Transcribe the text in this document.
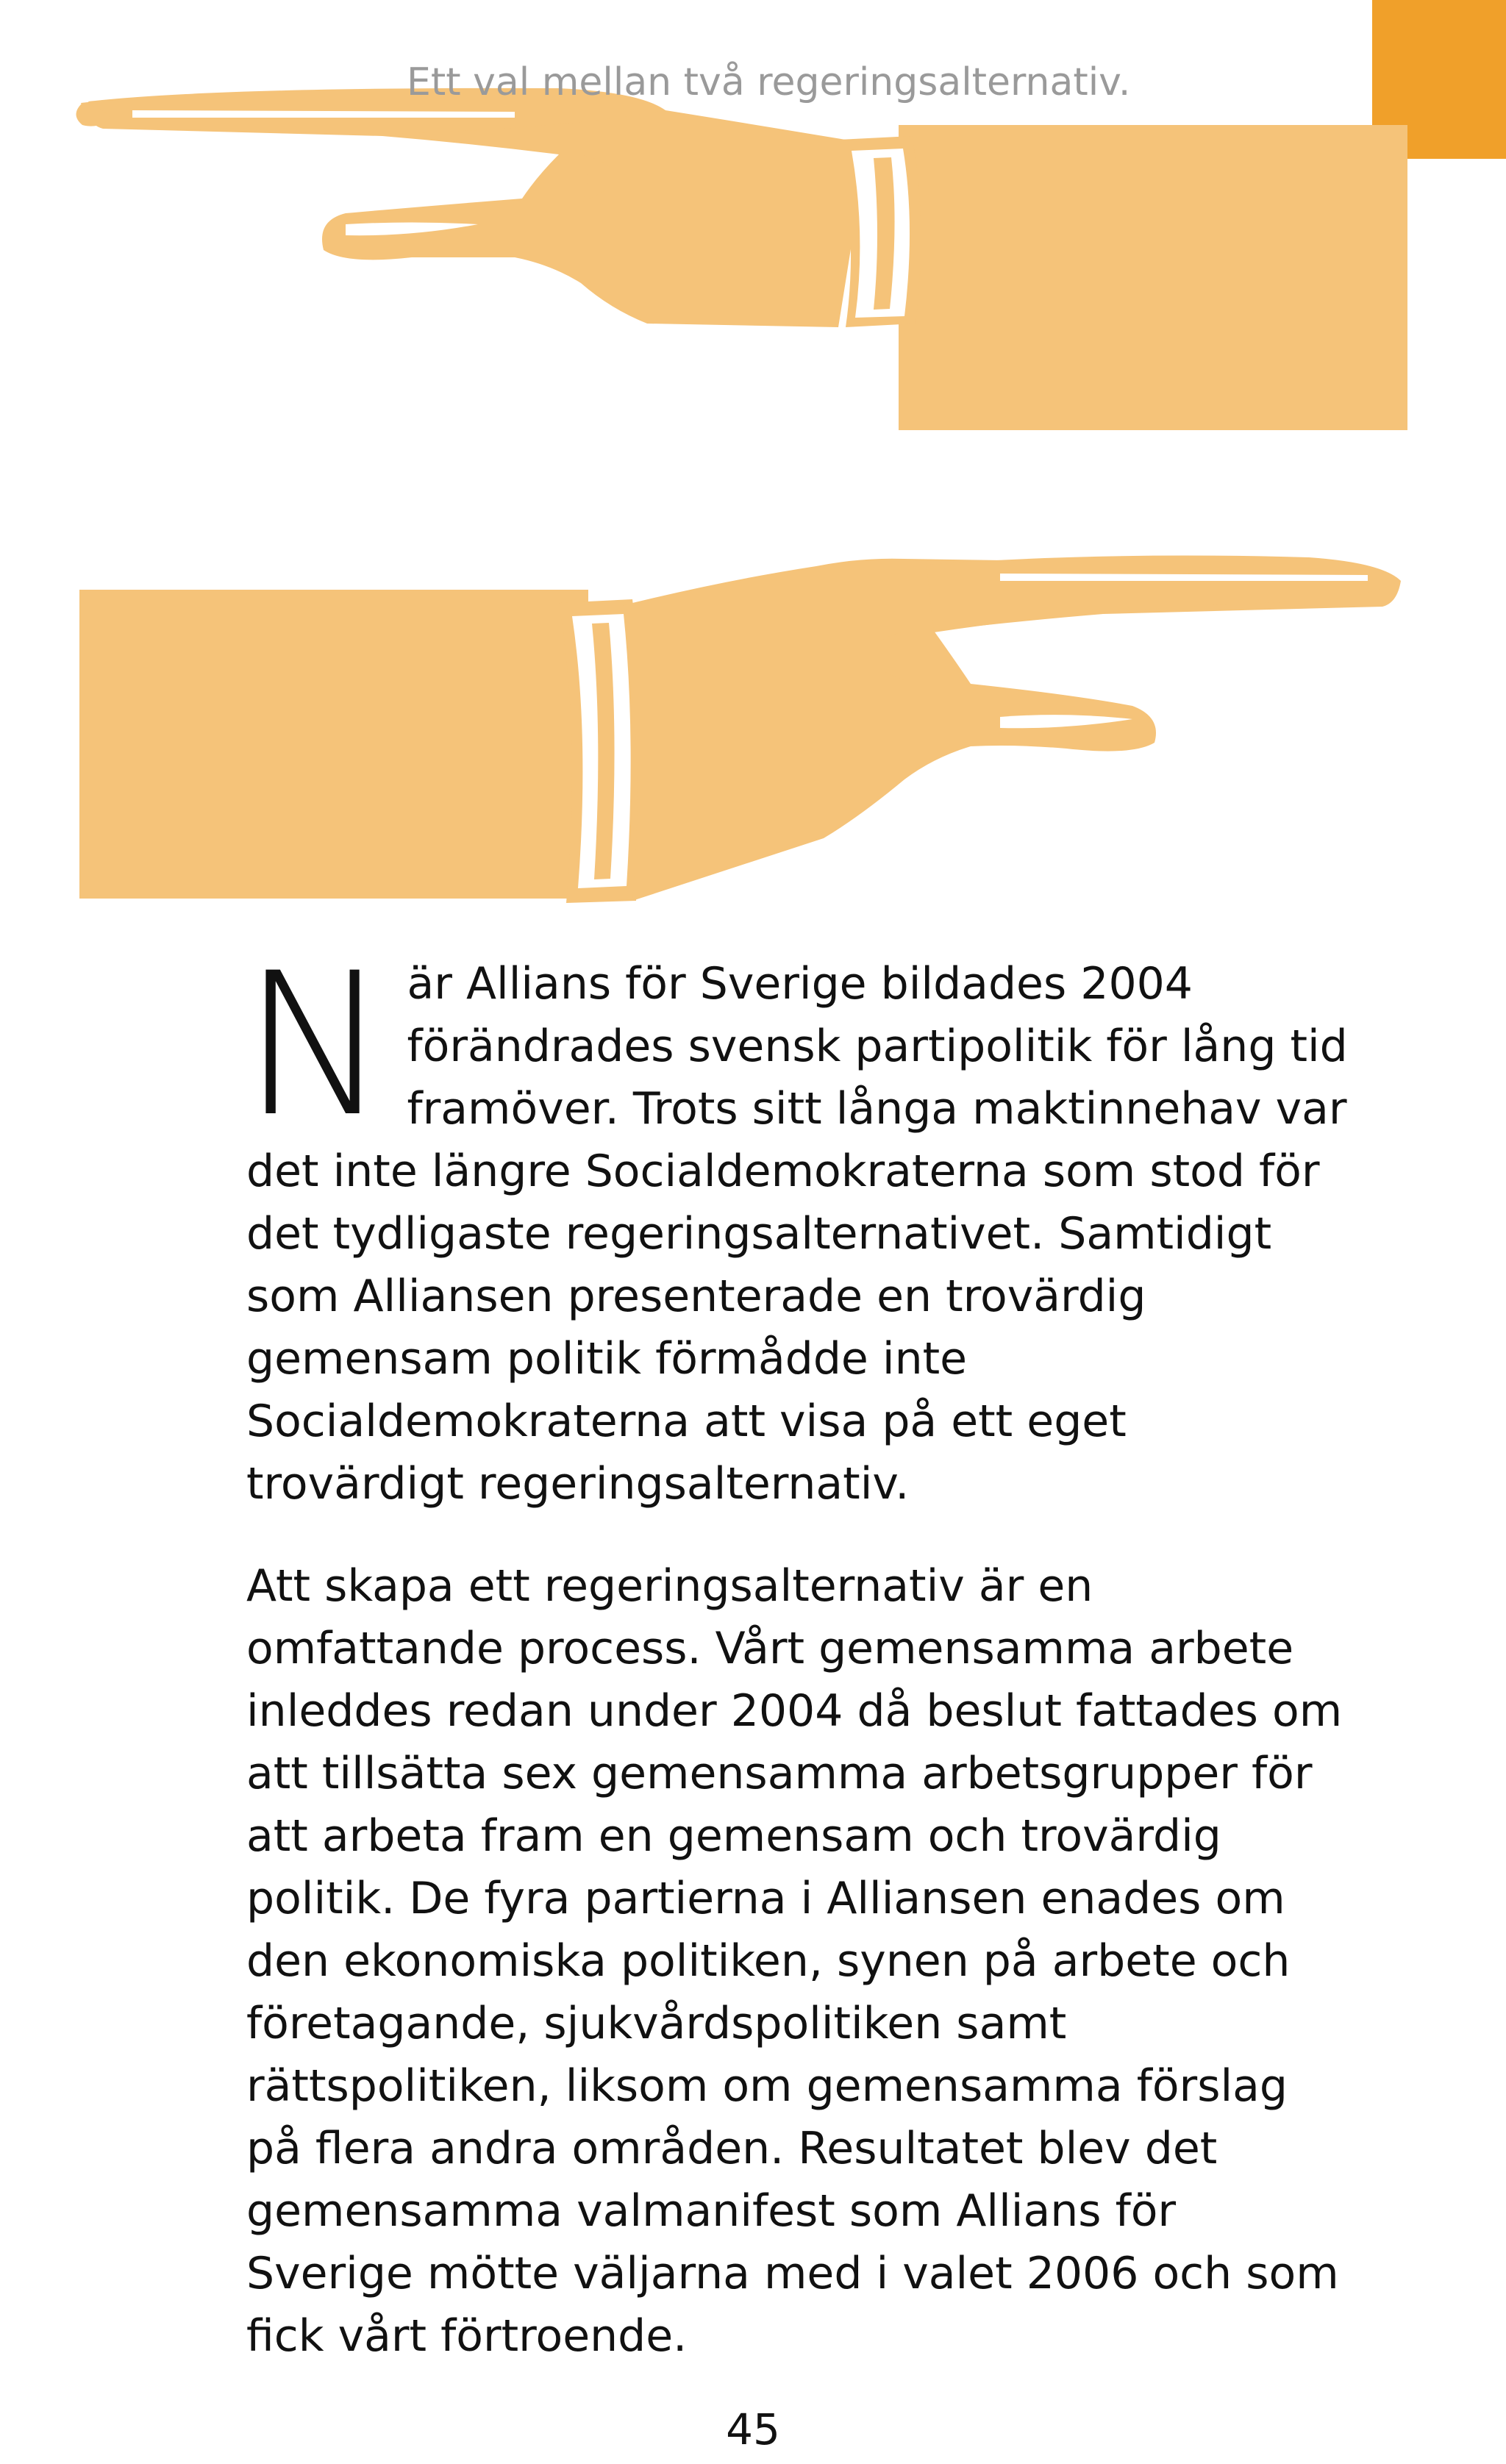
Ett val mellan två regeringsalternativ.

N är Allians för Sverige bildades 2004 förändrades svensk partipolitik för lång tid framöver. Trots sitt långa maktinnehav var det inte längre Socialdemokraterna som stod för det tydligaste regeringsalternativet. Samtidigt som Alliansen presenterade en trovärdig gemensam politik förmådde inte Socialdemokraterna att visa på ett eget trovärdigt regeringsalternativ.

Att skapa ett regeringsalternativ är en omfattande process. Vårt gemensamma arbete inleddes redan under 2004 då beslut fattades om att tillsätta sex gemensamma arbetsgrupper för att arbeta fram en gemensam och trovärdig politik. De fyra partierna i Alliansen enades om den ekonomiska politiken, synen på arbete och företagande, sjukvårdspolitiken samt rättspolitiken, liksom om gemensamma förslag på flera andra områden. Resultatet blev det gemensamma valmanifest som Allians för Sverige mötte väljarna med i valet 2006 och som fick vårt förtroende.

45
